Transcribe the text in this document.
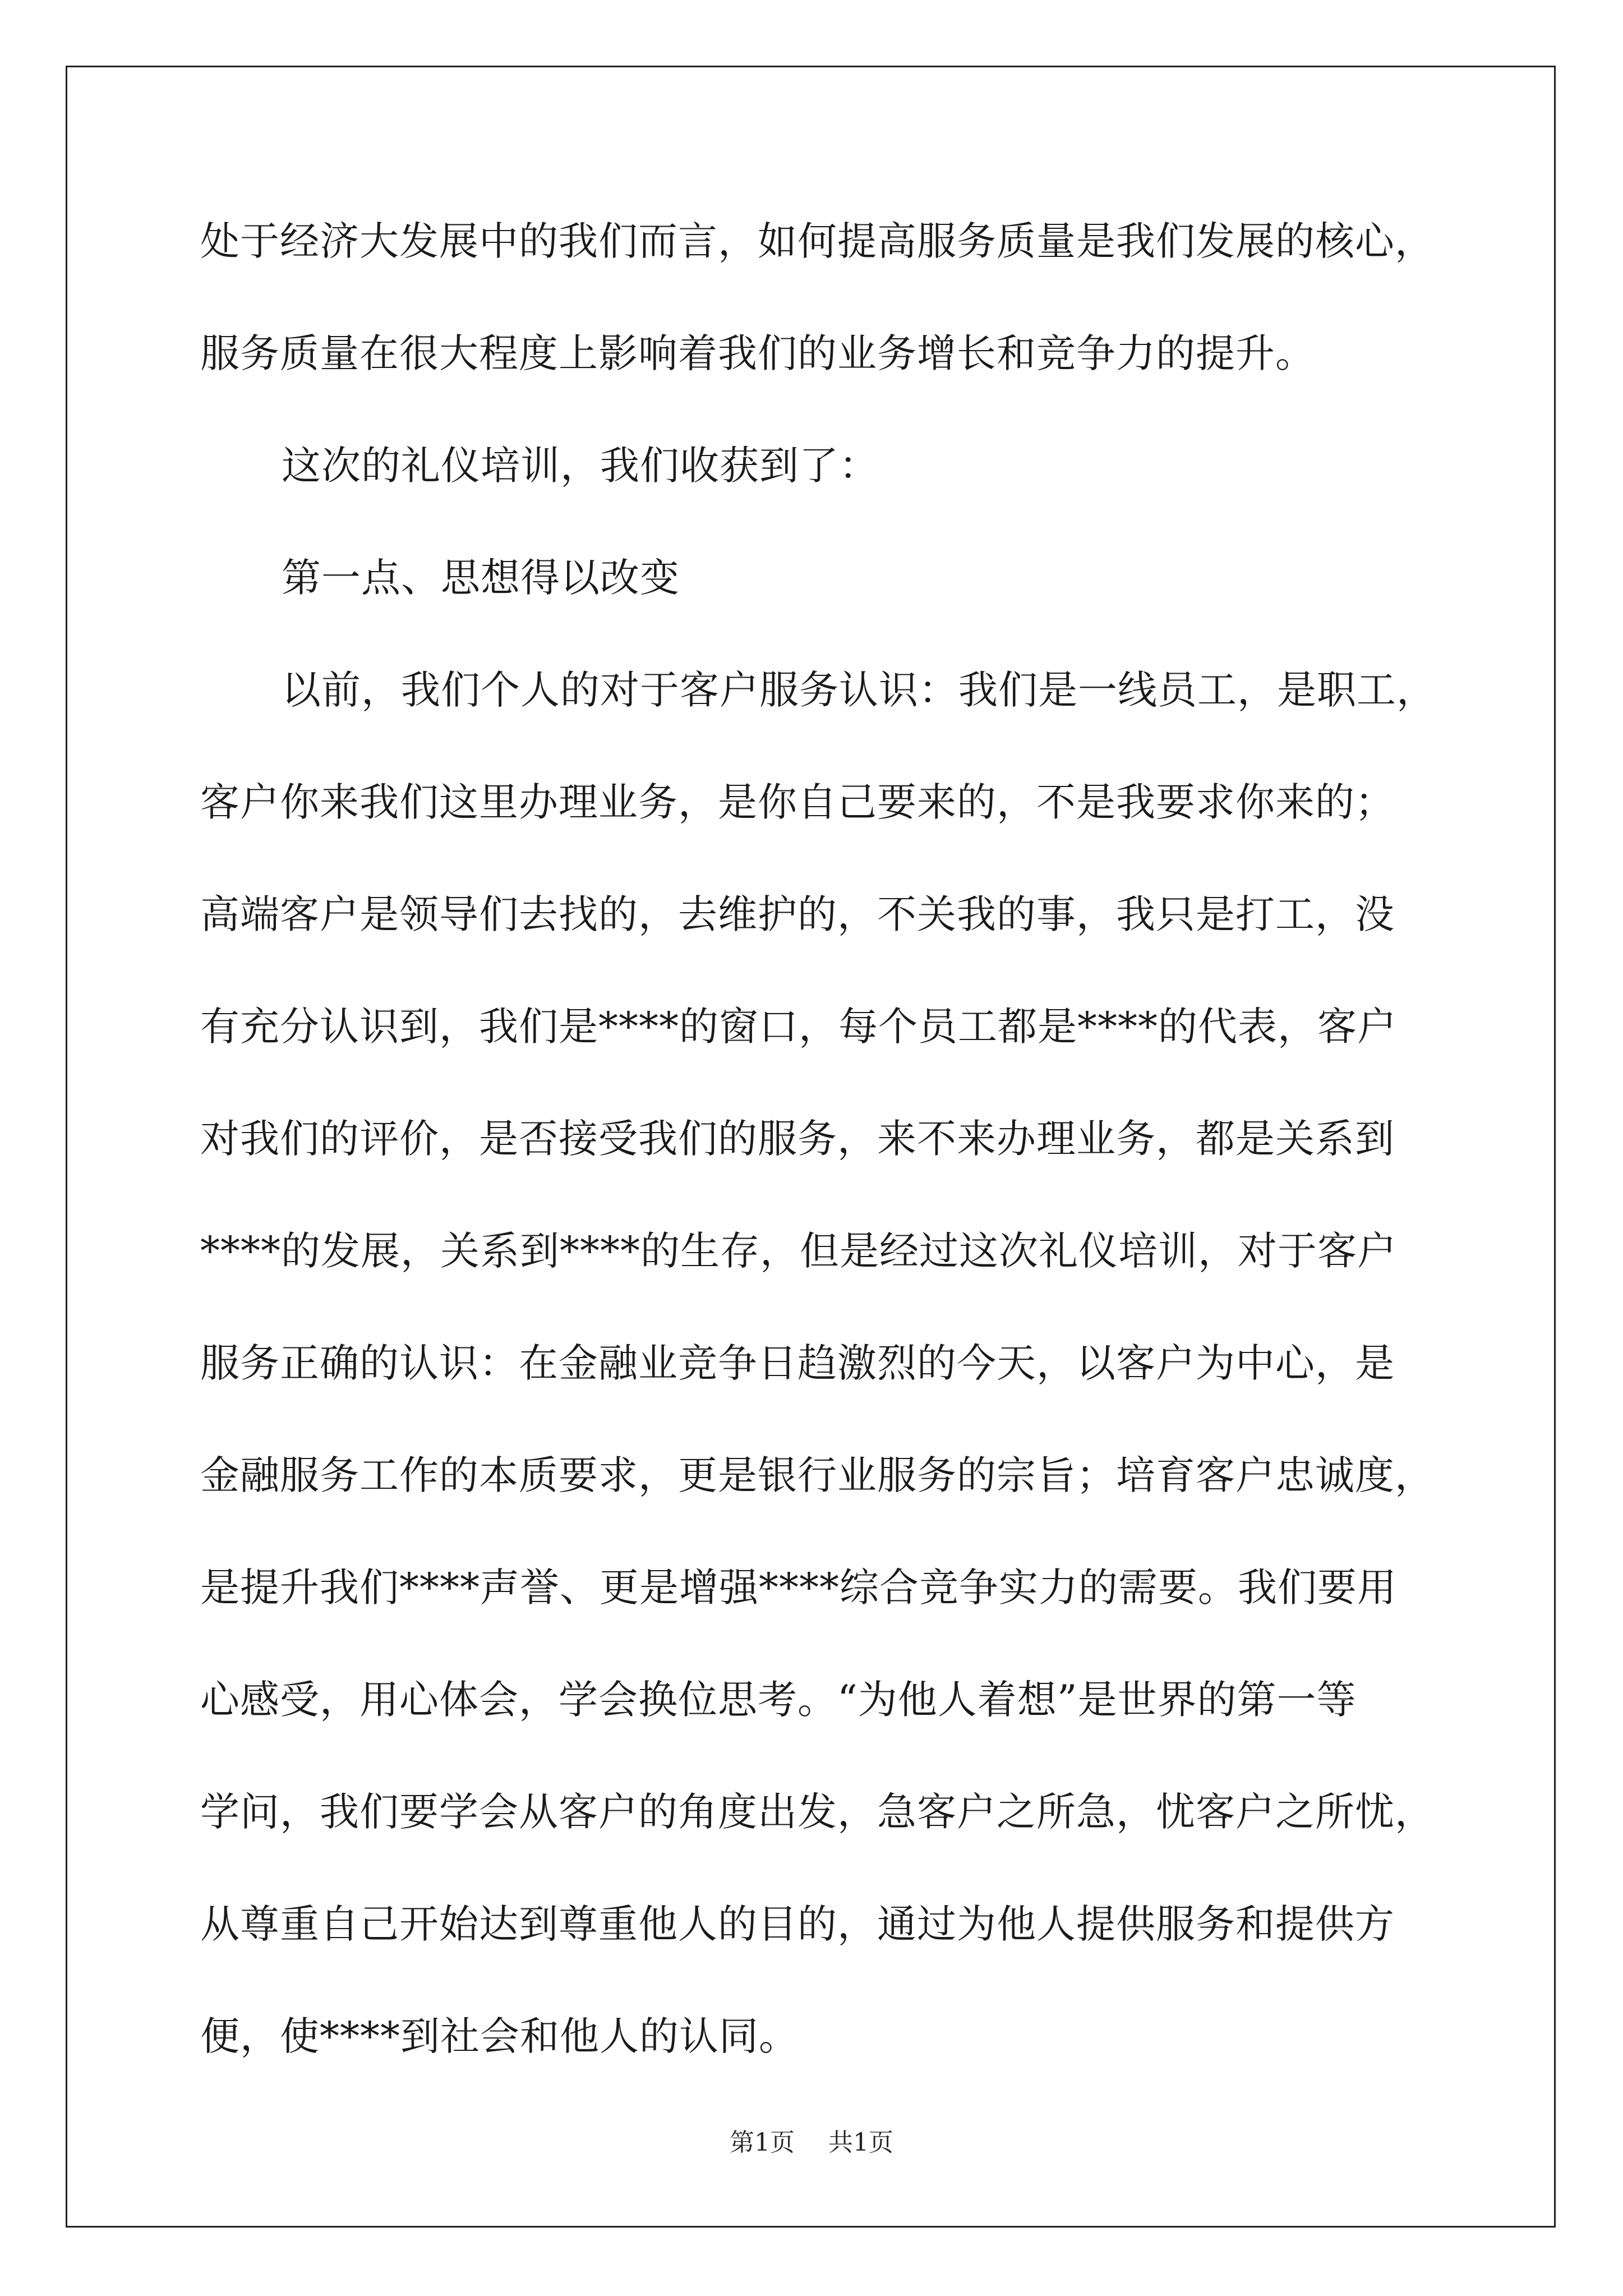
处于经济大发展中的我们而言，如何提高服务质量是我们发展的核心，
服务质量在很大程度上影响着我们的业务增长和竞争力的提升。
这次的礼仪培训，我们收获到了：
第一点、思想得以改变
以前，我们个人的对于客户服务认识：我们是一线员工，是职工，
客户你来我们这里办理业务，是你自己要来的，不是我要求你来的；
高端客户是领导们去找的，去维护的，不关我的事，我只是打工，没
有充分认识到，我们是****的窗口，每个员工都是****的代表，客户
对我们的评价，是否接受我们的服务，来不来办理业务，都是关系到
****的发展，关系到****的生存，但是经过这次礼仪培训，对于客户
服务正确的认识：在金融业竞争日趋激烈的今天，以客户为中心，是
金融服务工作的本质要求，更是银行业服务的宗旨；培育客户忠诚度，
是提升我们****声誉、更是增强****综合竞争实力的需要。我们要用
心感受，用心体会，学会换位思考。“为他人着想”是世界的第一等
学问，我们要学会从客户的角度出发，急客户之所急，忧客户之所忧，
从尊重自己开始达到尊重他人的目的，通过为他人提供服务和提供方
便，使****到社会和他人的认同。
第1页 共1页
